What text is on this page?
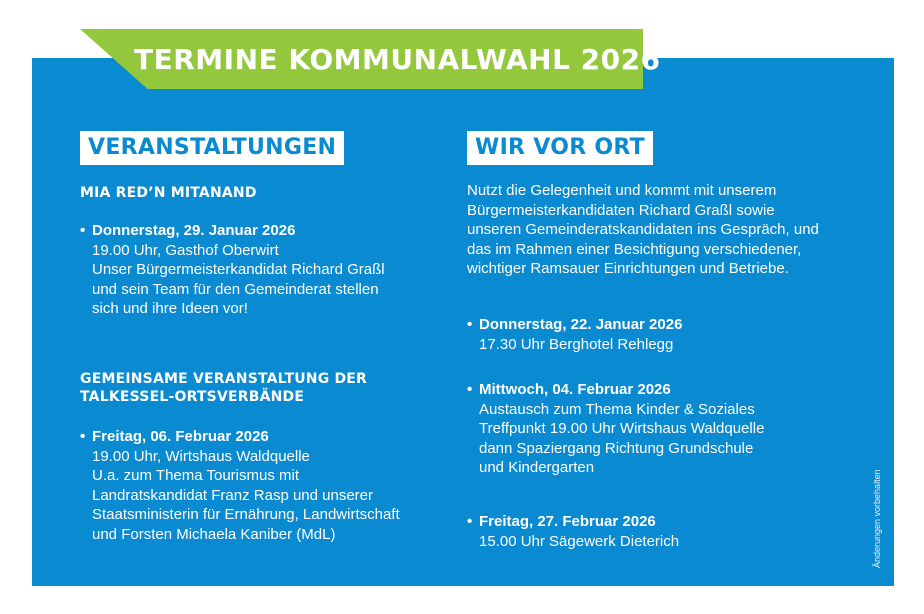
TERMINE KOMMUNALWAHL 2026
VERANSTALTUNGEN
MIA RED’N MITANAND
• Donnerstag, 29. Januar 2026
19.00 Uhr, Gasthof Oberwirt
Unser Bürgermeisterkandidat Richard Graßl
und sein Team für den Gemeinderat stellen
sich und ihre Ideen vor!
GEMEINSAME VERANSTALTUNG DER
TALKESSEL-ORTSVERBÄNDE
• Freitag, 06. Februar 2026
19.00 Uhr, Wirtshaus Waldquelle
U.a. zum Thema Tourismus mit
Landratskandidat Franz Rasp und unserer
Staatsministerin für Ernährung, Landwirtschaft
und Forsten Michaela Kaniber (MdL)
WIR VOR ORT
Nutzt die Gelegenheit und kommt mit unserem
Bürgermeisterkandidaten Richard Graßl sowie
unseren Gemeinderatskandidaten ins Gespräch, und
das im Rahmen einer Besichtigung verschiedener,
wichtiger Ramsauer Einrichtungen und Betriebe.
• Donnerstag, 22. Januar 2026
17.30 Uhr Berghotel Rehlegg
• Mittwoch, 04. Februar 2026
Austausch zum Thema Kinder & Soziales
Treffpunkt 19.00 Uhr Wirtshaus Waldquelle
dann Spaziergang Richtung Grundschule
und Kindergarten
• Freitag, 27. Februar 2026
15.00 Uhr Sägewerk Dieterich	Änderungen vorbehalten
